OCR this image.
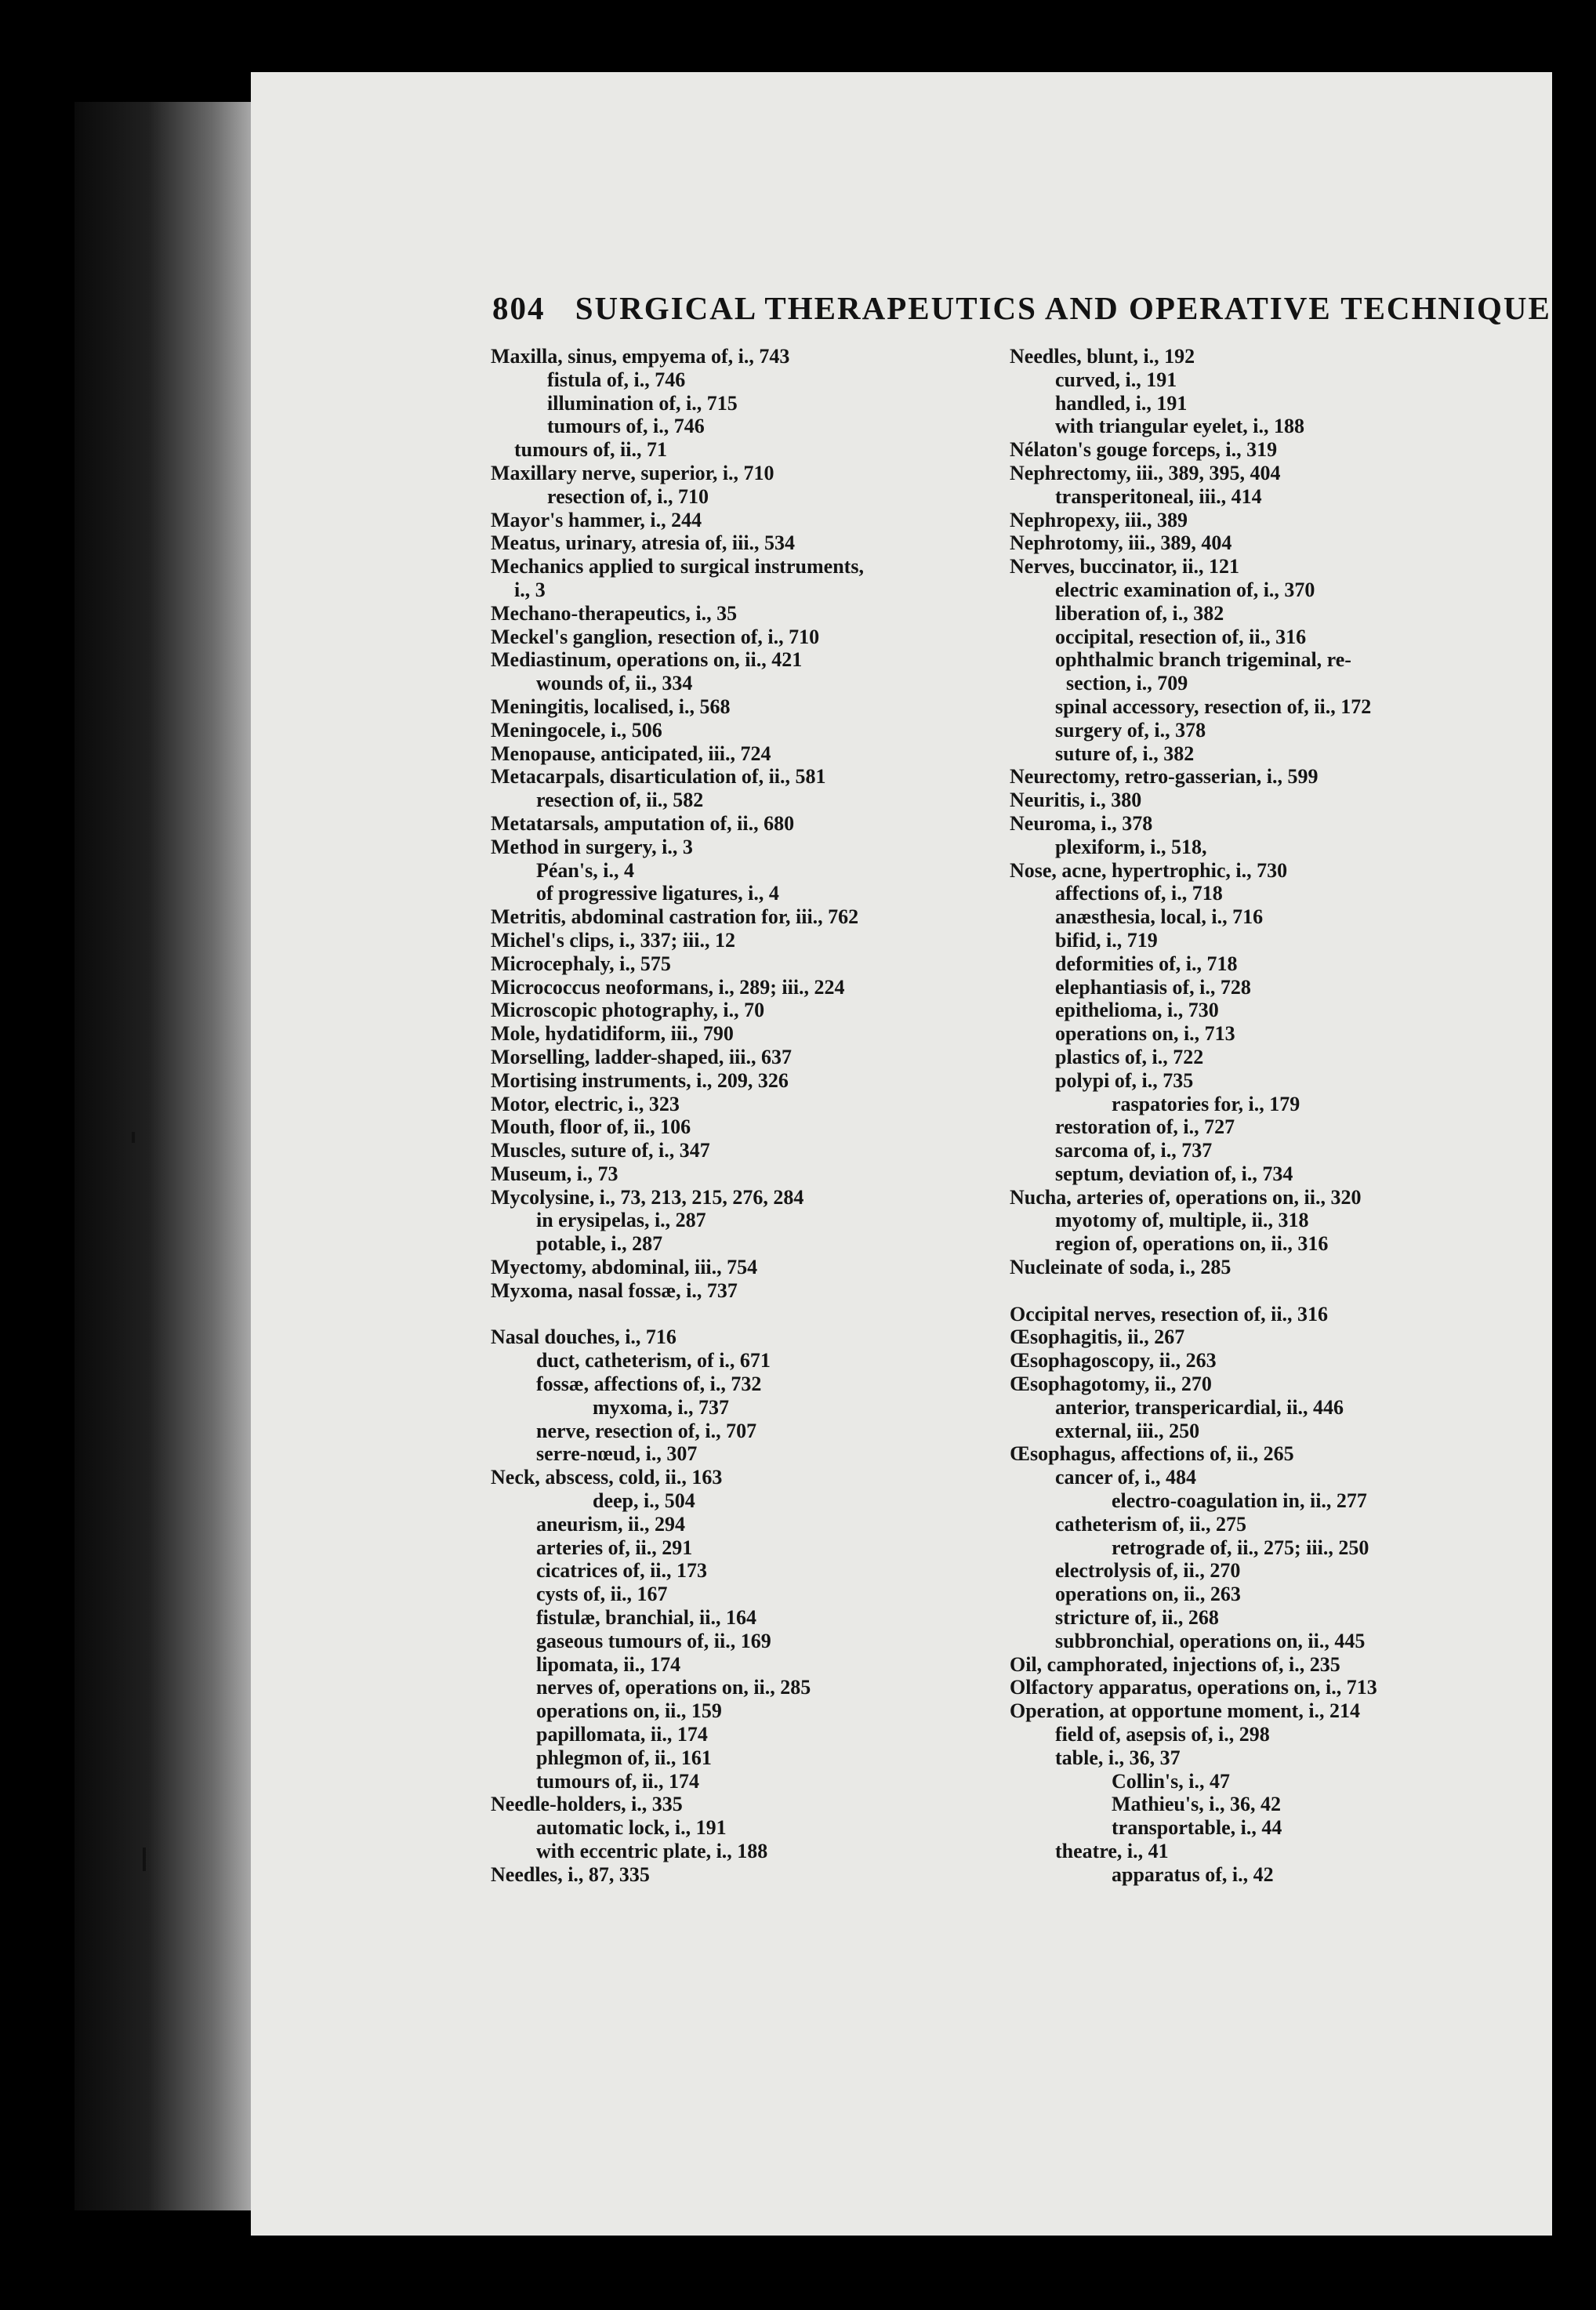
804 SURGICAL THERAPEUTICS AND OPERATIVE TECHNIQUE
Maxilla, sinus, empyema of, i., 743
fistula of, i., 746
illumination of, i., 715
tumours of, i., 746
tumours of, ii., 71
Maxillary nerve, superior, i., 710
resection of, i., 710
Mayor's hammer, i., 244
Meatus, urinary, atresia of, iii., 534
Mechanics applied to surgical instruments,
i., 3
Mechano-therapeutics, i., 35
Meckel's ganglion, resection of, i., 710
Mediastinum, operations on, ii., 421
wounds of, ii., 334
Meningitis, localised, i., 568
Meningocele, i., 506
Menopause, anticipated, iii., 724
Metacarpals, disarticulation of, ii., 581
resection of, ii., 582
Metatarsals, amputation of, ii., 680
Method in surgery, i., 3
Péan's, i., 4
of progressive ligatures, i., 4
Metritis, abdominal castration for, iii., 762
Michel's clips, i., 337; iii., 12
Microcephaly, i., 575
Micrococcus neoformans, i., 289; iii., 224
Microscopic photography, i., 70
Mole, hydatidiform, iii., 790
Morselling, ladder-shaped, iii., 637
Mortising instruments, i., 209, 326
Motor, electric, i., 323
Mouth, floor of, ii., 106
Muscles, suture of, i., 347
Museum, i., 73
Mycolysine, i., 73, 213, 215, 276, 284
in erysipelas, i., 287
potable, i., 287
Myectomy, abdominal, iii., 754
Myxoma, nasal fossæ, i., 737
Nasal douches, i., 716
duct, catheterism, of i., 671
fossæ, affections of, i., 732
myxoma, i., 737
nerve, resection of, i., 707
serre-nœud, i., 307
Neck, abscess, cold, ii., 163
deep, i., 504
aneurism, ii., 294
arteries of, ii., 291
cicatrices of, ii., 173
cysts of, ii., 167
fistulæ, branchial, ii., 164
gaseous tumours of, ii., 169
lipomata, ii., 174
nerves of, operations on, ii., 285
operations on, ii., 159
papillomata, ii., 174
phlegmon of, ii., 161
tumours of, ii., 174
Needle-holders, i., 335
automatic lock, i., 191
with eccentric plate, i., 188
Needles, i., 87, 335
Needles, blunt, i., 192
curved, i., 191
handled, i., 191
with triangular eyelet, i., 188
Nélaton's gouge forceps, i., 319
Nephrectomy, iii., 389, 395, 404
transperitoneal, iii., 414
Nephropexy, iii., 389
Nephrotomy, iii., 389, 404
Nerves, buccinator, ii., 121
electric examination of, i., 370
liberation of, i., 382
occipital, resection of, ii., 316
ophthalmic branch trigeminal, re-
section, i., 709
spinal accessory, resection of, ii., 172
surgery of, i., 378
suture of, i., 382
Neurectomy, retro-gasserian, i., 599
Neuritis, i., 380
Neuroma, i., 378
plexiform, i., 518,
Nose, acne, hypertrophic, i., 730
affections of, i., 718
anæsthesia, local, i., 716
bifid, i., 719
deformities of, i., 718
elephantiasis of, i., 728
epithelioma, i., 730
operations on, i., 713
plastics of, i., 722
polypi of, i., 735
raspatories for, i., 179
restoration of, i., 727
sarcoma of, i., 737
septum, deviation of, i., 734
Nucha, arteries of, operations on, ii., 320
myotomy of, multiple, ii., 318
region of, operations on, ii., 316
Nucleinate of soda, i., 285
Occipital nerves, resection of, ii., 316
Œsophagitis, ii., 267
Œsophagoscopy, ii., 263
Œsophagotomy, ii., 270
anterior, transpericardial, ii., 446
external, iii., 250
Œsophagus, affections of, ii., 265
cancer of, i., 484
electro-coagulation in, ii., 277
catheterism of, ii., 275
retrograde of, ii., 275; iii., 250
electrolysis of, ii., 270
operations on, ii., 263
stricture of, ii., 268
subbronchial, operations on, ii., 445
Oil, camphorated, injections of, i., 235
Olfactory apparatus, operations on, i., 713
Operation, at opportune moment, i., 214
field of, asepsis of, i., 298
table, i., 36, 37
Collin's, i., 47
Mathieu's, i., 36, 42
transportable, i., 44
theatre, i., 41
apparatus of, i., 42
